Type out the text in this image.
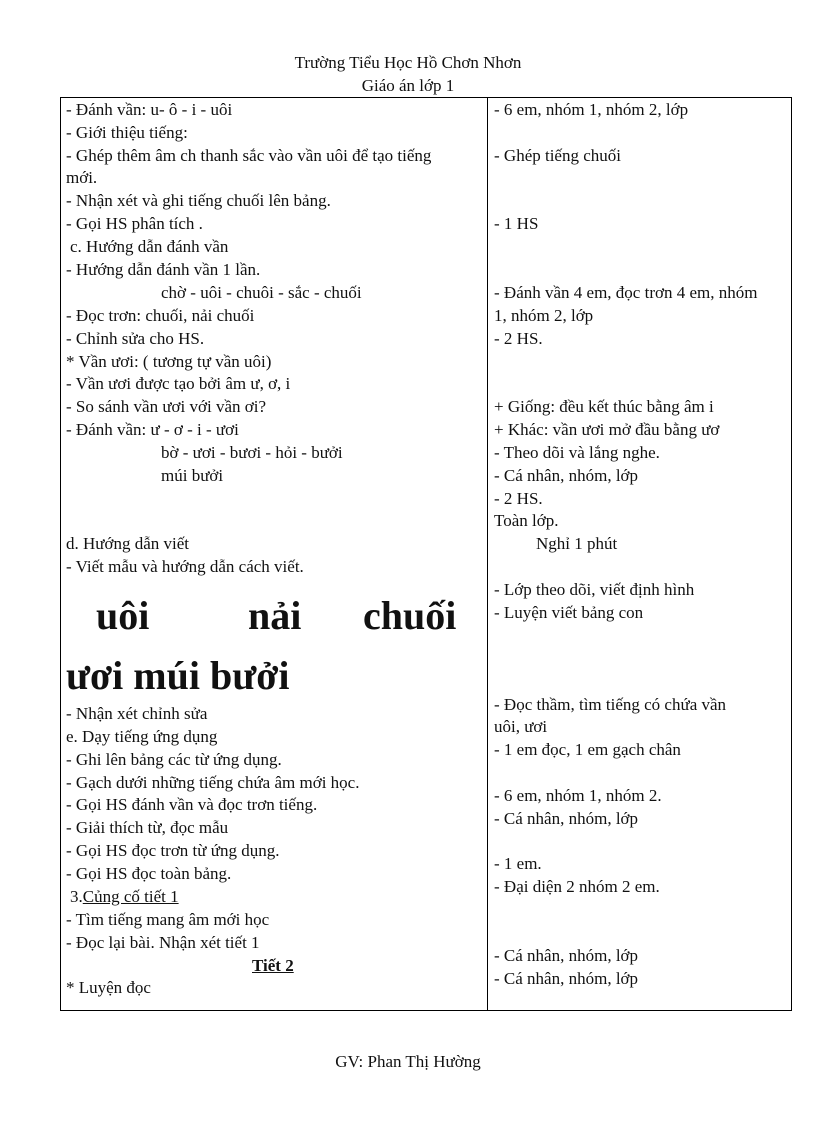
Trường Tiểu Học Hồ Chơn Nhơn
Giáo án lớp 1
- Đánh vần: u- ô - i - uôi
- Giới thiệu tiếng:
- Ghép thêm âm ch thanh sắc vào vần uôi để tạo tiếng
mới.
- Nhận xét và ghi tiếng chuối lên bảng.
- Gọi HS phân tích .
c. Hướng dẫn đánh vần
- Hướng dẫn đánh vần 1 lần.
chờ - uôi - chuôi - sắc - chuối
- Đọc trơn: chuối, nải chuối
- Chỉnh sửa cho HS.
* Vần ươi: ( tương tự vần uôi)
- Vần ươi được tạo bởi âm ư, ơ, i
- So sánh vần ươi với vần ơi?
- Đánh vần: ư - ơ - i - ươi
bờ - ươi - bươi - hỏi - bưởi
múi bưởi
d. Hướng dẫn viết
- Viết mẫu và hướng dẫn cách viết.
uôi nải chuối
ươi múi bưởi
- Nhận xét chỉnh sửa
e. Dạy tiếng ứng dụng
- Ghi lên bảng các từ ứng dụng.
- Gạch dưới những tiếng chứa âm mới học.
- Gọi HS đánh vần và đọc trơn tiếng.
- Giải thích từ, đọc mẫu
- Gọi HS đọc trơn từ ứng dụng.
- Gọi HS đọc toàn bảng.
3.Củng cố tiết 1
- Tìm tiếng mang âm mới học
- Đọc lại bài. Nhận xét tiết 1
Tiết 2
* Luyện đọc
- 6 em, nhóm 1, nhóm 2, lớp
- Ghép tiếng chuối
- 1 HS
- Đánh vần 4 em, đọc trơn 4 em, nhóm
1, nhóm 2, lớp
- 2 HS.
+ Giống: đều kết thúc bằng âm i
+ Khác: vần ươi mở đầu bằng ươ
- Theo dõi và lắng nghe.
- Cá nhân, nhóm, lớp
- 2 HS.
Toàn lớp.
Nghỉ 1 phút
- Lớp theo dõi, viết định hình
- Luyện viết bảng con
- Đọc thầm, tìm tiếng có chứa vần
uôi, ươi
- 1 em đọc, 1 em gạch chân
- 6 em, nhóm 1, nhóm 2.
- Cá nhân, nhóm, lớp
- 1 em.
- Đại diện 2 nhóm 2 em.
- Cá nhân, nhóm, lớp
- Cá nhân, nhóm, lớp
GV: Phan Thị Hường
